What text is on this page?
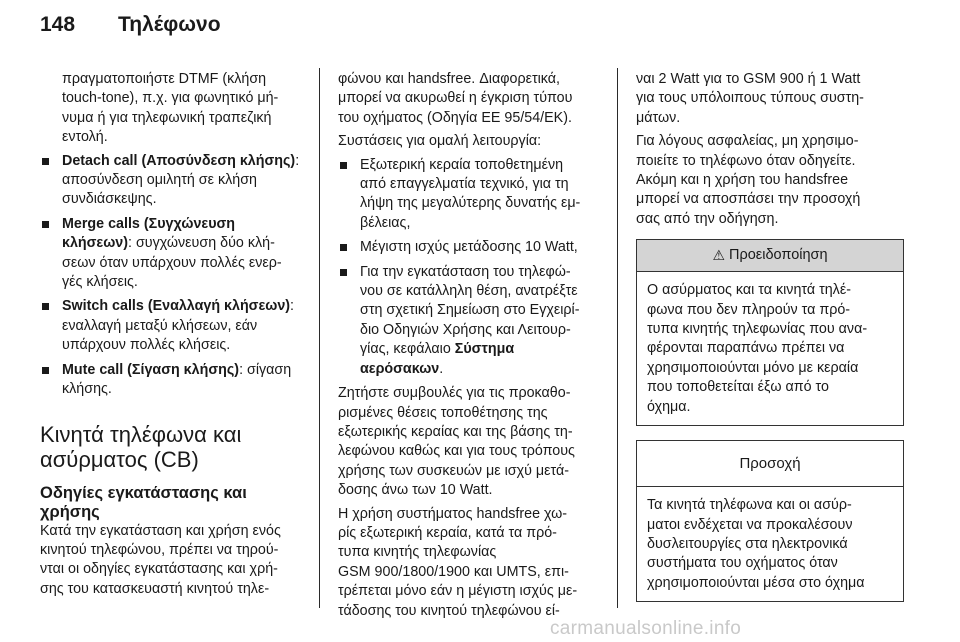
148 Τηλέφωνο
πραγματοποιήστε DTMF (κλήση
touch-tone), π.χ. για φωνητικό μή-
νυμα ή για τηλεφωνική τραπεζική
εντολή.
Detach call (Αποσύνδεση κλήσης):
αποσύνδεση ομιλητή σε κλήση
συνδιάσκεψης.
Merge calls (Συγχώνευση
κλήσεων): συγχώνευση δύο κλή-
σεων όταν υπάρχουν πολλές ενερ-
γές κλήσεις.
Switch calls (Εναλλαγή κλήσεων):
εναλλαγή μεταξύ κλήσεων, εάν
υπάρχουν πολλές κλήσεις.
Mute call (Σίγαση κλήσης): σίγαση
κλήσης.
Κινητά τηλέφωνα και
ασύρματος (CB)
Οδηγίες εγκατάστασης και
χρήσης
Κατά την εγκατάσταση και χρήση ενός
κινητού τηλεφώνου, πρέπει να τηρού-
νται οι οδηγίες εγκατάστασης και χρή-
σης του κατασκευαστή κινητού τηλε-
φώνου και handsfree. Διαφορετικά,
μπορεί να ακυρωθεί η έγκριση τύπου
του οχήματος (Οδηγία ΕΕ 95/54/ΕΚ).
Συστάσεις για ομαλή λειτουργία:
Εξωτερική κεραία τοποθετημένη
από επαγγελματία τεχνικό, για τη
λήψη της μεγαλύτερης δυνατής εμ-
βέλειας,
Μέγιστη ισχύς μετάδοσης 10 Watt,
Για την εγκατάσταση του τηλεφώ-
νου σε κατάλληλη θέση, ανατρέξτε
στη σχετική Σημείωση στο Εγχειρί-
διο Οδηγιών Χρήσης και Λειτουρ-
γίας, κεφάλαιο Σύστημα
αερόσακων.
Ζητήστε συμβουλές για τις προκαθο-
ρισμένες θέσεις τοποθέτησης της
εξωτερικής κεραίας και της βάσης τη-
λεφώνου καθώς και για τους τρόπους
χρήσης των συσκευών με ισχύ μετά-
δοσης άνω των 10 Watt.
Η χρήση συστήματος handsfree χω-
ρίς εξωτερική κεραία, κατά τα πρό-
τυπα κινητής τηλεφωνίας
GSM 900/1800/1900 και UMTS, επι-
τρέπεται μόνο εάν η μέγιστη ισχύς με-
τάδοσης του κινητού τηλεφώνου εί-
ναι 2 Watt για το GSM 900 ή 1 Watt
για τους υπόλοιπους τύπους συστη-
μάτων.
Για λόγους ασφαλείας, μη χρησιμο-
ποιείτε το τηλέφωνο όταν οδηγείτε.
Ακόμη και η χρήση του handsfree
μπορεί να αποσπάσει την προσοχή
σας από την οδήγηση.
⚠ Προειδοποίηση
Ο ασύρματος και τα κινητά τηλέ-
φωνα που δεν πληρούν τα πρό-
τυπα κινητής τηλεφωνίας που ανα-
φέρονται παραπάνω πρέπει να
χρησιμοποιούνται μόνο με κεραία
που τοποθετείται έξω από το
όχημα.
Προσοχή
Τα κινητά τηλέφωνα και οι ασύρ-
ματοι ενδέχεται να προκαλέσουν
δυσλειτουργίες στα ηλεκτρονικά
συστήματα του οχήματος όταν
χρησιμοποιούνται μέσα στο όχημα
carmanualsonline.info
